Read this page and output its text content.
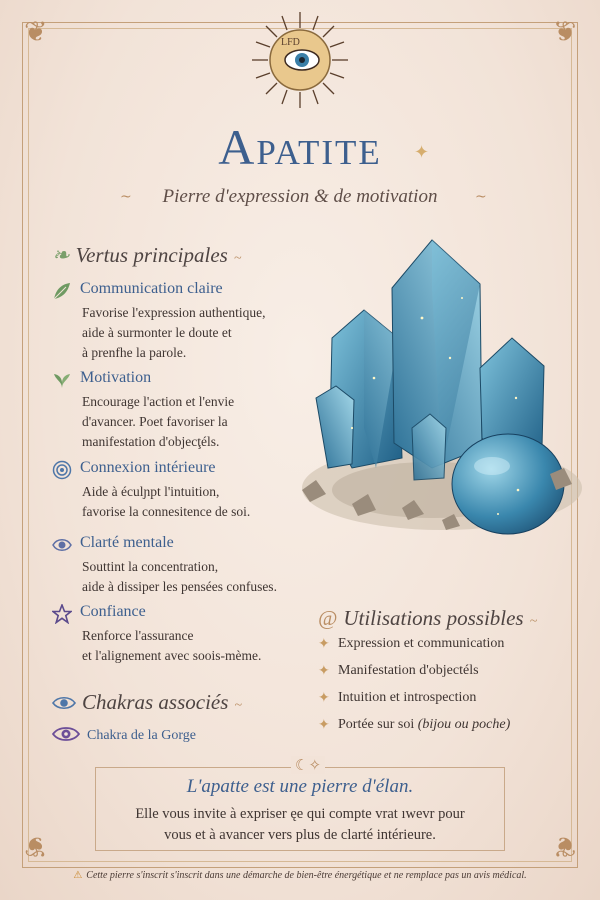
❦	❦
❦	❦
LFD
Apatite	✦
~	Pierre d'expression & de motivation	~
❧ Vertus principales ~
Communication claire
Favorise l'expression authentique,
aide à surmonter le doute et
à prenfhe la parole.
Motivation
Encourage l'action et l'envie
d'avancer. Poet favoriser la
manifestation d'objecţéls.
Connexion intérieure
Aide à éculɲpt l'intuition,
favorise la connesitence de soi.
Clarté mentale
Souttint la concentration,
aide à dissiper les pensées confuses.
Confiance
Renforce l'assurance
et l'alignement avec soois-mème.
@ Utilisations possibles ~
✦ Expression et communication
✦ Manifestation d'objectéls
✦ Intuition et introspection
✦ Portée sur soi (bijou ou poche)
Chakras associés ~
Chakra de la Gorge
☾✧
L'apatte est une pierre d'élan.
Elle vous invite à expriser ęe qui compte vrat ıwevr pour
vous et à avancer vers plus de clarté intérieure.
⚠ Cette pierre s'inscrit s'inscrit dans une démarche de bien-être énergétique et ne remplace pas un avis médical.
